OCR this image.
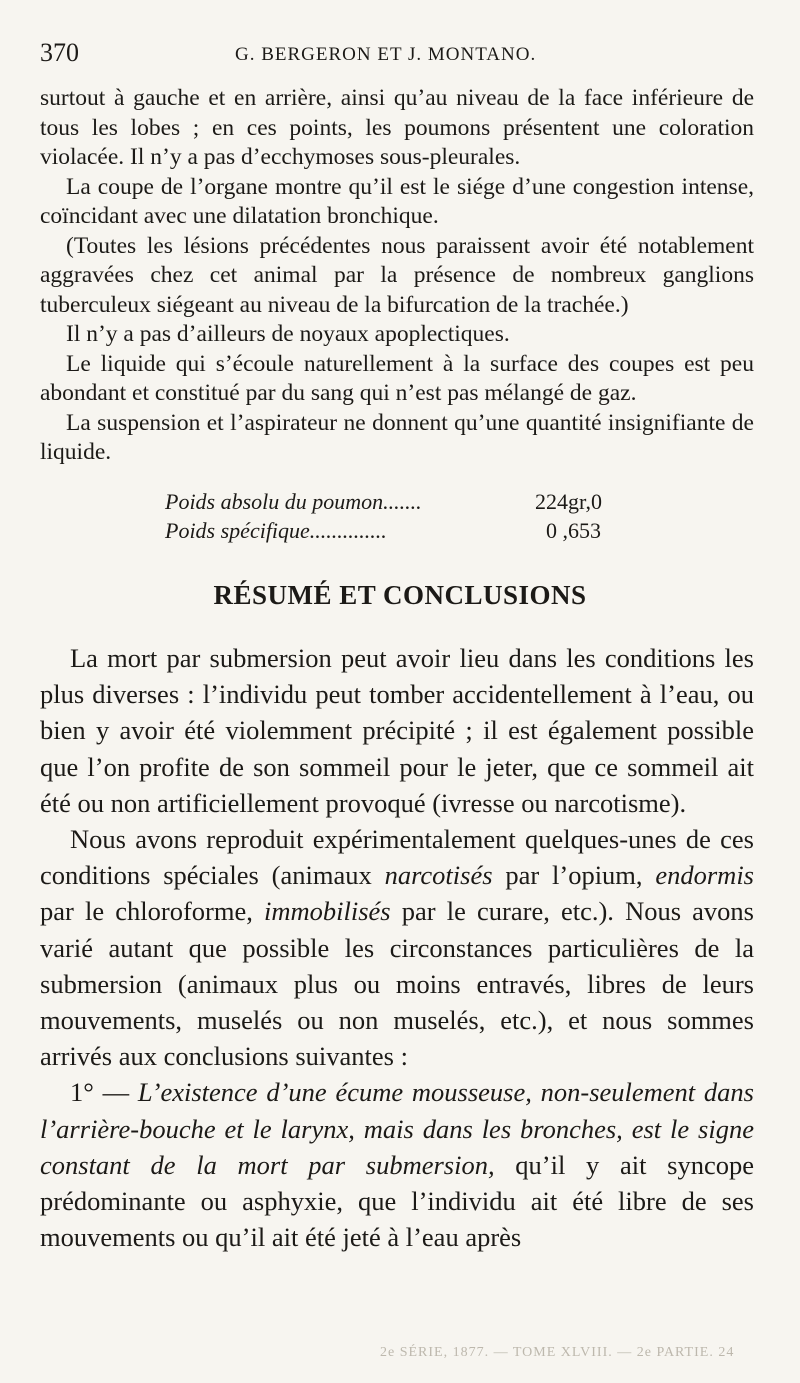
370	G. BERGERON ET J. MONTANO.

surtout à gauche et en arrière, ainsi qu’au niveau de la face inférieure de tous les lobes ; en ces points, les poumons présentent une coloration violacée. Il n’y a pas d’ecchymoses sous-pleurales.

La coupe de l’organe montre qu’il est le siége d’une congestion intense, coïncidant avec une dilatation bronchique.

(Toutes les lésions précédentes nous paraissent avoir été notablement aggravées chez cet animal par la présence de nombreux ganglions tuberculeux siégeant au niveau de la bifurcation de la trachée.)

Il n’y a pas d’ailleurs de noyaux apoplectiques.

Le liquide qui s’écoule naturellement à la surface des coupes est peu abondant et constitué par du sang qui n’est pas mélangé de gaz.

La suspension et l’aspirateur ne donnent qu’une quantité insignifiante de liquide.

Poids absolu du poumon.......	224gr,0
Poids spécifique..............	0 ,653
RÉSUMÉ ET CONCLUSIONS

La mort par submersion peut avoir lieu dans les conditions les plus diverses : l’individu peut tomber accidentellement à l’eau, ou bien y avoir été violemment précipité ; il est également possible que l’on profite de son sommeil pour le jeter, que ce sommeil ait été ou non artificiellement provoqué (ivresse ou narcotisme).

Nous avons reproduit expérimentalement quelques-unes de ces conditions spéciales (animaux narcotisés par l’opium, endormis par le chloroforme, immobilisés par le curare, etc.). Nous avons varié autant que possible les circonstances particulières de la submersion (animaux plus ou moins entravés, libres de leurs mouvements, muselés ou non muselés, etc.), et nous sommes arrivés aux conclusions suivantes :

1° — L’existence d’une écume mousseuse, non-seulement dans l’arrière-bouche et le larynx, mais dans les bronches, est le signe constant de la mort par submersion, qu’il y ait syncope prédominante ou asphyxie, que l’individu ait été libre de ses mouvements ou qu’il ait été jeté à l’eau après

2e SÉRIE, 1877. — TOME XLVIII. — 2e PARTIE. 24
